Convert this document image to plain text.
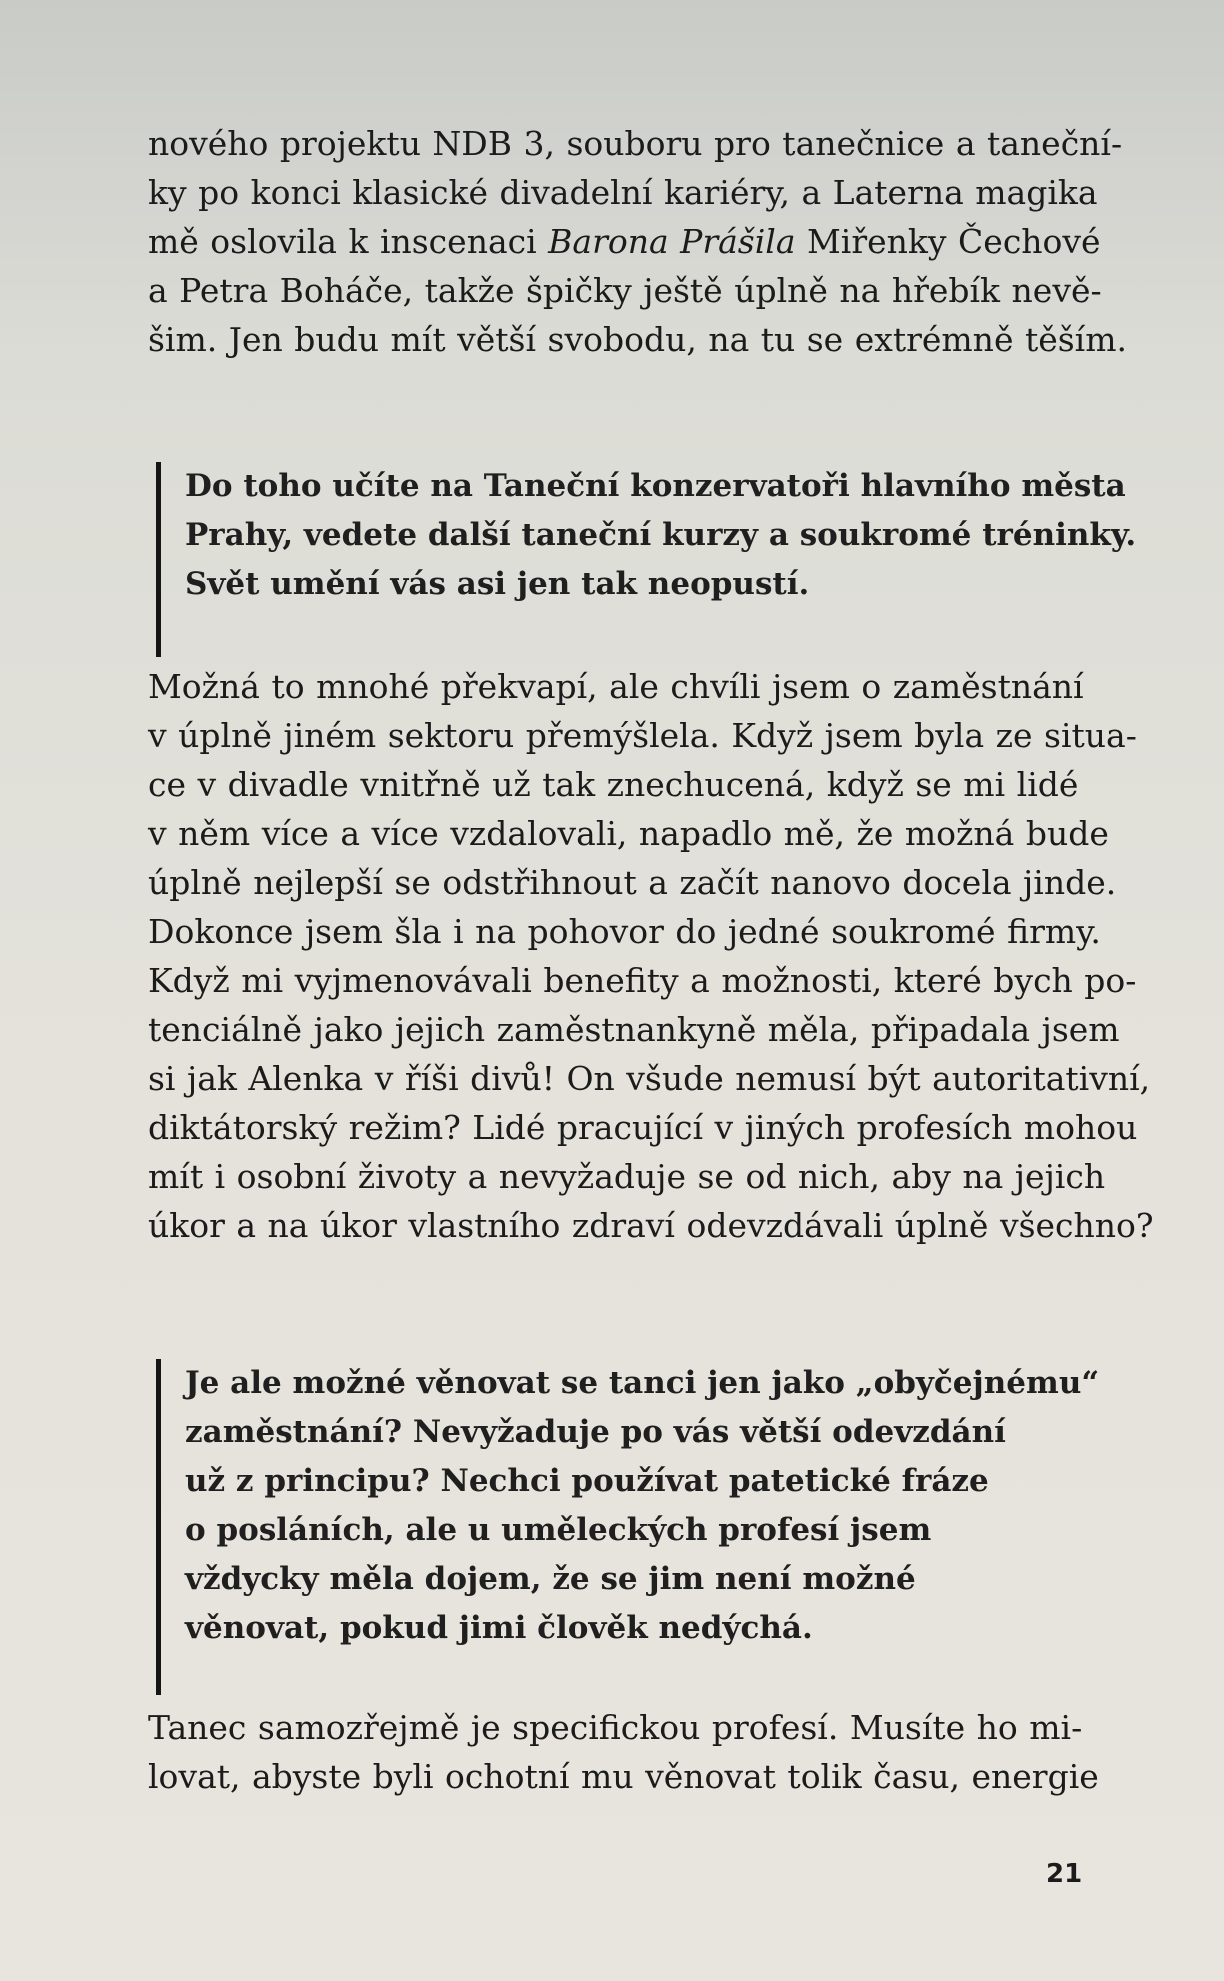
nového projektu NDB 3, souboru pro tanečnice a taneční-
ky po konci klasické divadelní kariéry, a Laterna magika
mě oslovila k inscenaci Barona Prášila Miřenky Čechové
a Petra Boháče, takže špičky ještě úplně na hřebík nevě-
šim. Jen budu mít větší svobodu, na tu se extrémně těším.

Do toho učíte na Taneční konzervatoři hlavního města
Prahy, vedete další taneční kurzy a soukromé tréninky.
Svět umění vás asi jen tak neopustí.

Možná to mnohé překvapí, ale chvíli jsem o zaměstnání
v úplně jiném sektoru přemýšlela. Když jsem byla ze situa-
ce v divadle vnitřně už tak znechucená, když se mi lidé
v něm více a více vzdalovali, napadlo mě, že možná bude
úplně nejlepší se odstřihnout a začít nanovo docela jinde.
Dokonce jsem šla i na pohovor do jedné soukromé firmy.
Když mi vyjmenovávali benefity a možnosti, které bych po-
tenciálně jako jejich zaměstnankyně měla, připadala jsem
si jak Alenka v říši divů! On všude nemusí být autoritativní,
diktátorský režim? Lidé pracující v jiných profesích mohou
mít i osobní životy a nevyžaduje se od nich, aby na jejich
úkor a na úkor vlastního zdraví odevzdávali úplně všechno?

Je ale možné věnovat se tanci jen jako „obyčejnému“
zaměstnání? Nevyžaduje po vás větší odevzdání
už z principu? Nechci používat patetické fráze
o posláních, ale u uměleckých profesí jsem
vždycky měla dojem, že se jim není možné
věnovat, pokud jimi člověk nedýchá.

Tanec samozřejmě je specifickou profesí. Musíte ho mi-
lovat, abyste byli ochotní mu věnovat tolik času, energie

21
